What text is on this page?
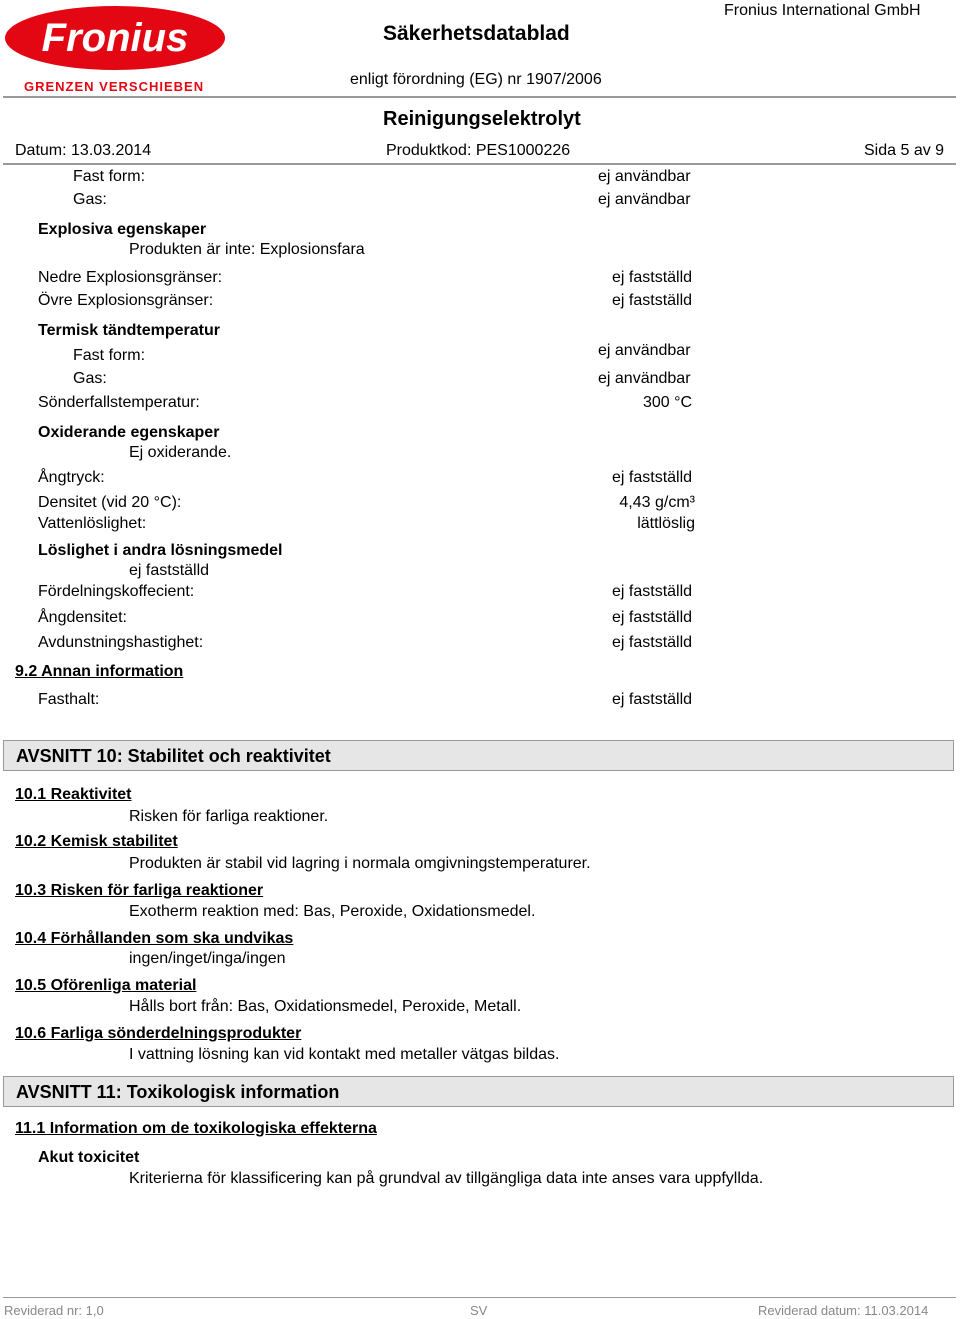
Fronius
GRENZEN VERSCHIEBEN
Säkerhetsdatablad
Fronius International GmbH
enligt förordning (EG) nr 1907/2006
Reinigungselektrolyt
Datum: 13.03.2014	Produktkod: PES1000226	Sida 5 av 9
Fast form:	ej användbar
Gas:	ej användbar
Explosiva egenskaper
Produkten är inte: Explosionsfara
Nedre Explosionsgränser:	ej fastställd
Övre Explosionsgränser:	ej fastställd
Termisk tändtemperatur
Fast form:	ej användbar
Gas:	ej användbar
Sönderfallstemperatur:	300 °C
Oxiderande egenskaper
Ej oxiderande.
Ångtryck:	ej fastställd
Densitet (vid 20 °C):	4,43 g/cm³
Vattenlöslighet:	lättlöslig
Löslighet i andra lösningsmedel
ej fastställd
Fördelningskoffecient:	ej fastställd
Ångdensitet:	ej fastställd
Avdunstningshastighet:	ej fastställd
9.2 Annan information
Fasthalt:	ej fastställd
AVSNITT 10: Stabilitet och reaktivitet
10.1 Reaktivitet
Risken för farliga reaktioner.
10.2 Kemisk stabilitet
Produkten är stabil vid lagring i normala omgivningstemperaturer.
10.3 Risken för farliga reaktioner
Exotherm reaktion med: Bas, Peroxide, Oxidationsmedel.
10.4 Förhållanden som ska undvikas
ingen/inget/inga/ingen
10.5 Oförenliga material
Hålls bort från: Bas, Oxidationsmedel, Peroxide, Metall.
10.6 Farliga sönderdelningsprodukter
I vattning lösning kan vid kontakt med metaller vätgas bildas.
AVSNITT 11: Toxikologisk information
11.1 Information om de toxikologiska effekterna
Akut toxicitet
Kriterierna för klassificering kan på grundval av tillgängliga data inte anses vara uppfyllda.
Reviderad nr: 1,0	SV	Reviderad datum: 11.03.2014
